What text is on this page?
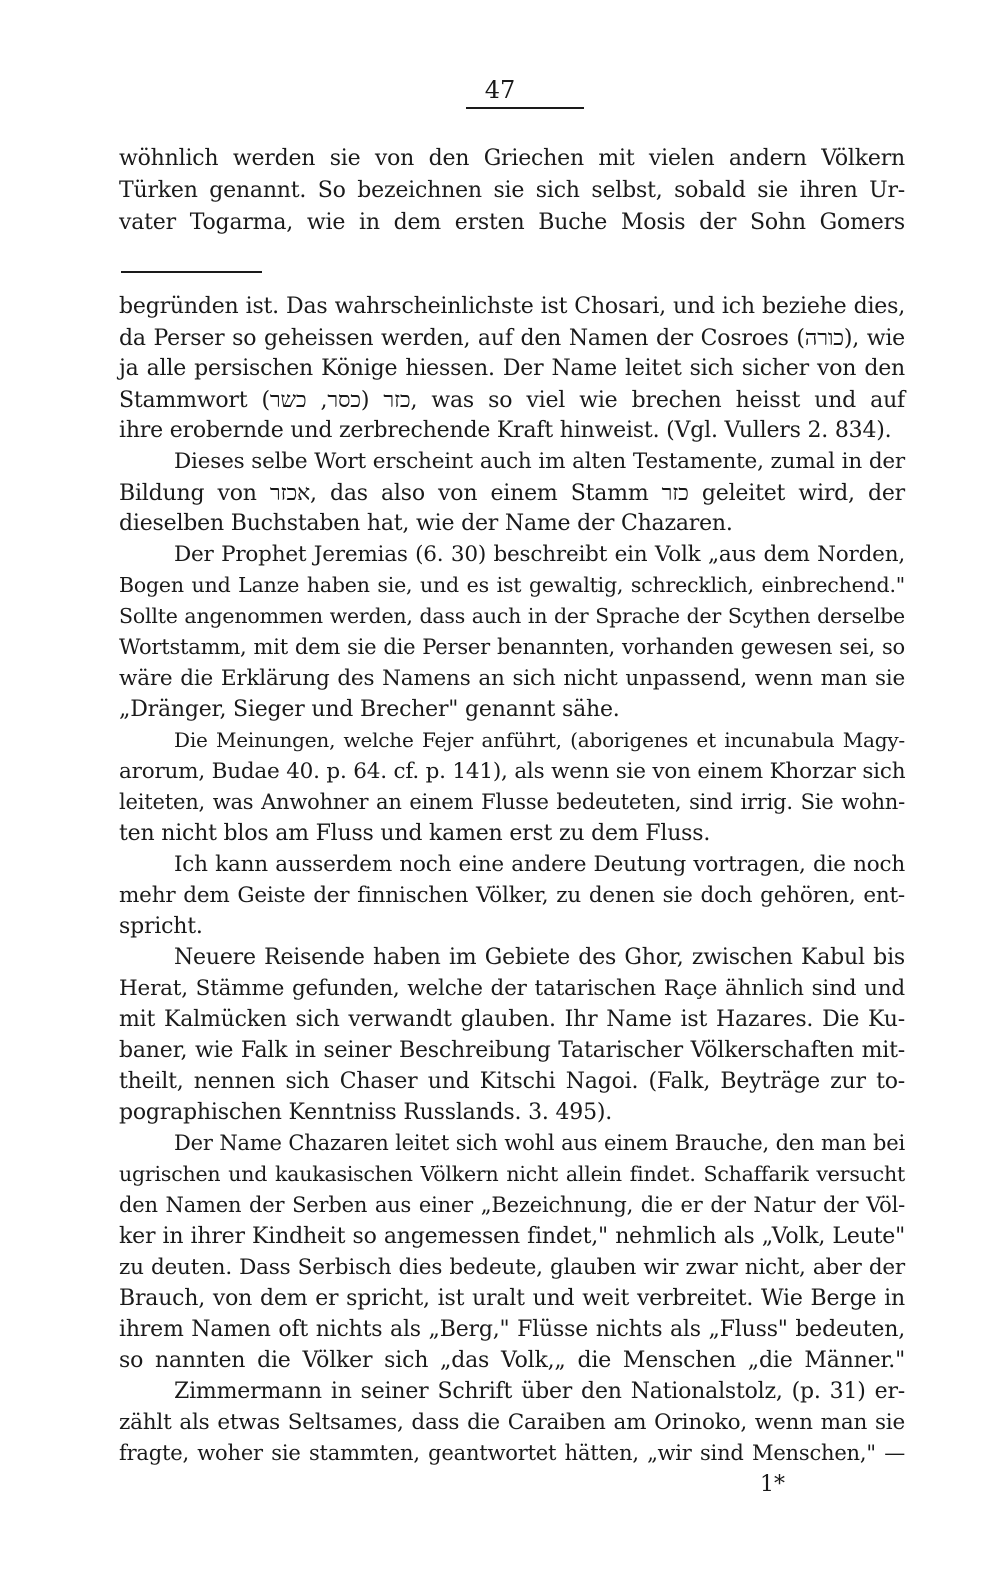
47
wöhnlich werden sie von den Griechen mit vielen andern Völkern
Türken genannt. So bezeichnen sie sich selbst, sobald sie ihren Ur-
vater Togarma, wie in dem ersten Buche Mosis der Sohn Gomers
begründen ist. Das wahrscheinlichste ist Chosari, und ich beziehe dies,
da Perser so geheissen werden, auf den Namen der Cosroes (כורה), wie
ja alle persischen Könige hiessen. Der Name leitet sich sicher von den
Stammwort כזר (כסר, כשר), was so viel wie brechen heisst und auf
ihre erobernde und zerbrechende Kraft hinweist. (Vgl. Vullers 2. 834).
Dieses selbe Wort erscheint auch im alten Testamente, zumal in der
Bildung von אכזר, das also von einem Stamm כזר geleitet wird, der
dieselben Buchstaben hat, wie der Name der Chazaren.
Der Prophet Jeremias (6. 30) beschreibt ein Volk „aus dem Norden,
Bogen und Lanze haben sie, und es ist gewaltig, schrecklich, einbrechend."
Sollte angenommen werden, dass auch in der Sprache der Scythen derselbe
Wortstamm, mit dem sie die Perser benannten, vorhanden gewesen sei, so
wäre die Erklärung des Namens an sich nicht unpassend, wenn man sie
„Dränger, Sieger und Brecher" genannt sähe.
Die Meinungen, welche Fejer anführt, (aborigenes et incunabula Magy-
arorum, Budae 40. p. 64. cf. p. 141), als wenn sie von einem Khorzar sich
leiteten, was Anwohner an einem Flusse bedeuteten, sind irrig. Sie wohn-
ten nicht blos am Fluss und kamen erst zu dem Fluss.
Ich kann ausserdem noch eine andere Deutung vortragen, die noch
mehr dem Geiste der finnischen Völker, zu denen sie doch gehören, ent-
spricht.
Neuere Reisende haben im Gebiete des Ghor, zwischen Kabul bis
Herat, Stämme gefunden, welche der tatarischen Raçe ähnlich sind und
mit Kalmücken sich verwandt glauben. Ihr Name ist Hazares. Die Ku-
baner, wie Falk in seiner Beschreibung Tatarischer Völkerschaften mit-
theilt, nennen sich Chaser und Kitschi Nagoi. (Falk, Beyträge zur to-
pographischen Kenntniss Russlands. 3. 495).
Der Name Chazaren leitet sich wohl aus einem Brauche, den man bei
ugrischen und kaukasischen Völkern nicht allein findet. Schaffarik versucht
den Namen der Serben aus einer „Bezeichnung, die er der Natur der Völ-
ker in ihrer Kindheit so angemessen findet," nehmlich als „Volk, Leute"
zu deuten. Dass Serbisch dies bedeute, glauben wir zwar nicht, aber der
Brauch, von dem er spricht, ist uralt und weit verbreitet. Wie Berge in
ihrem Namen oft nichts als „Berg," Flüsse nichts als „Fluss" bedeuten,
so nannten die Völker sich „das Volk,„ die Menschen „die Männer."
Zimmermann in seiner Schrift über den Nationalstolz, (p. 31) er-
zählt als etwas Seltsames, dass die Caraiben am Orinoko, wenn man sie
fragte, woher sie stammten, geantwortet hätten, „wir sind Menschen," —
1*
